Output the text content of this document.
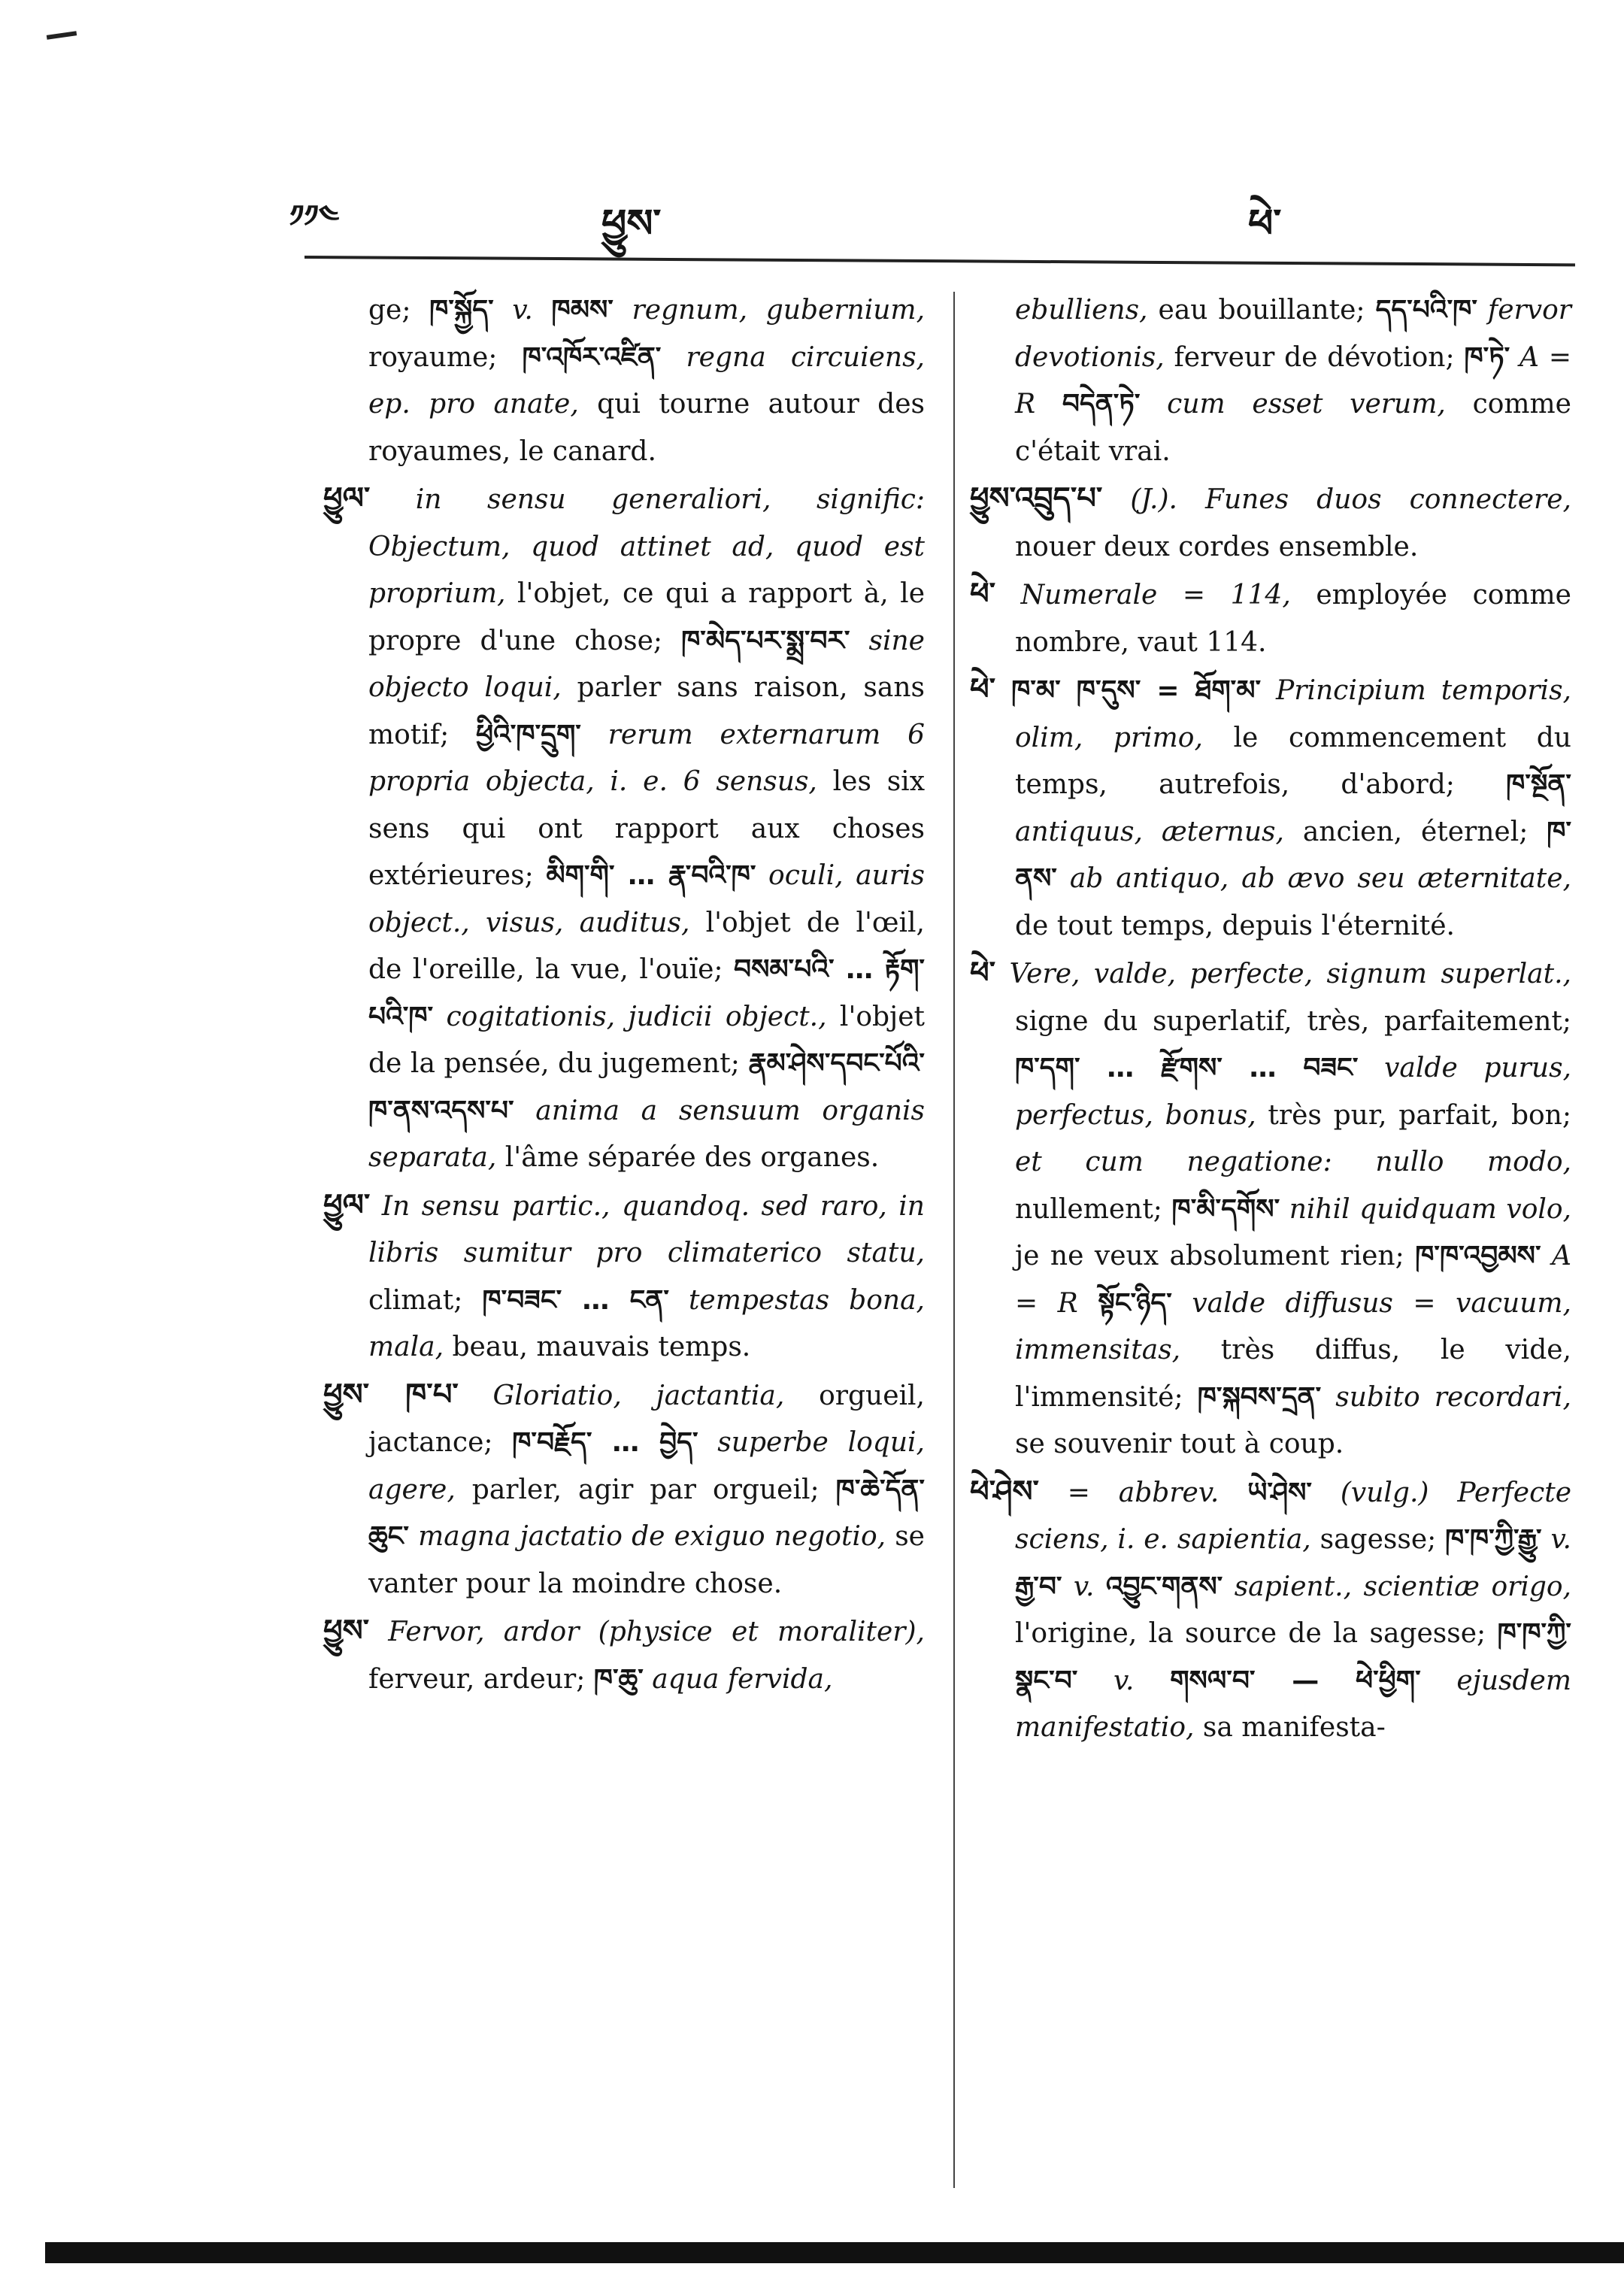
༡༡༤	ཕྱུས་	ཕེ་

ge; ཁ་སྐྱོད་ v. ཁམས་ regnum, gubernium, royaume; ཁ་འཁོར་འཛིན་ regna circuiens, ep. pro anate, qui tourne autour des royaumes, le canard.

ཕྱུལ་ in sensu generaliori, signific: Objectum, quod attinet ad, quod est proprium, l'objet, ce qui a rapport à, le propre d'une chose; ཁ་མེད་པར་སྨྲ་བར་ sine objecto loqui, parler sans raison, sans motif; ཕྱིའི་ཁ་དྲུག་ rerum externarum 6 propria objecta, i. e. 6 sensus, les six sens qui ont rapport aux choses extérieures; མིག་གི་ … རྣ་བའི་ཁ་ oculi, auris object., visus, auditus, l'objet de l'œil, de l'oreille, la vue, l'ouïe; བསམ་པའི་ … རྟོག་པའི་ཁ་ cogitationis, judicii object., l'objet de la pensée, du jugement; རྣམ་ཤེས་དབང་པོའི་ཁ་ནས་འདས་པ་ anima a sensuum organis separata, l'âme séparée des organes.

ཕྱུལ་ In sensu partic., quandoq. sed raro, in libris sumitur pro climaterico statu, climat; ཁ་བཟང་ … ངན་ tempestas bona, mala, beau, mauvais temps.

ཕྱུས་ ཁ་པ་ Gloriatio, jactantia, orgueil, jactance; ཁ་བརྗོད་ … བྱེད་ superbe loqui, agere, parler, agir par orgueil; ཁ་ཆེ་དོན་ཆུང་ magna jactatio de exiguo negotio, se vanter pour la moindre chose.

ཕྱུས་ Fervor, ardor (physice et moraliter), ferveur, ardeur; ཁ་ཆུ་ aqua fervida,

ebulliens, eau bouillante; དད་པའི་ཁ་ fervor devotionis, ferveur de dévotion; ཁ་ཏེ་ A = R བདེན་ཏེ་ cum esset verum, comme c'était vrai.

ཕྱུས་འབྲུད་པ་ (J.). Funes duos connectere, nouer deux cordes ensemble.

ཕེ་ Numerale = 114, employée comme nombre, vaut 114.

ཕེ་ ཁ་མ་ ཁ་དུས་ = ཐོག་མ་ Principium temporis, olim, primo, le commencement du temps, autrefois, d'abord; ཁ་སྔོན་ antiquus, æternus, ancien, éternel; ཁ་ནས་ ab antiquo, ab ævo seu æternitate, de tout temps, depuis l'éternité.

ཕེ་ Vere, valde, perfecte, signum superlat., signe du superlatif, très, parfaitement; ཁ་དག་ … རྫོགས་ … བཟང་ valde purus, perfectus, bonus, très pur, parfait, bon; et cum negatione: nullo modo, nullement; ཁ་མི་དགོས་ nihil quidquam volo, je ne veux absolument rien; ཁ་ཁ་འབྱམས་ A = R སྟོང་ཉིད་ valde diffusus = vacuum, immensitas, très diffus, le vide, l'immensité; ཁ་སྐབས་དྲན་ subito recordari, se souvenir tout à coup.

ཕེ་ཤེས་ = abbrev. ཡེ་ཤེས་ (vulg.) Perfecte sciens, i. e. sapientia, sagesse; ཁ་ཁ་ཀྱི་རྒྱུ་ v. རྒྱ་བ་ v. འབྱུང་གནས་ sapient., scientiæ origo, l'origine, la source de la sagesse; ཁ་ཁ་ཀྱི་སྣང་བ་ v. གསལ་བ་ — ཕེ་ཕྱིག་ ejusdem manifestatio, sa manifesta-
